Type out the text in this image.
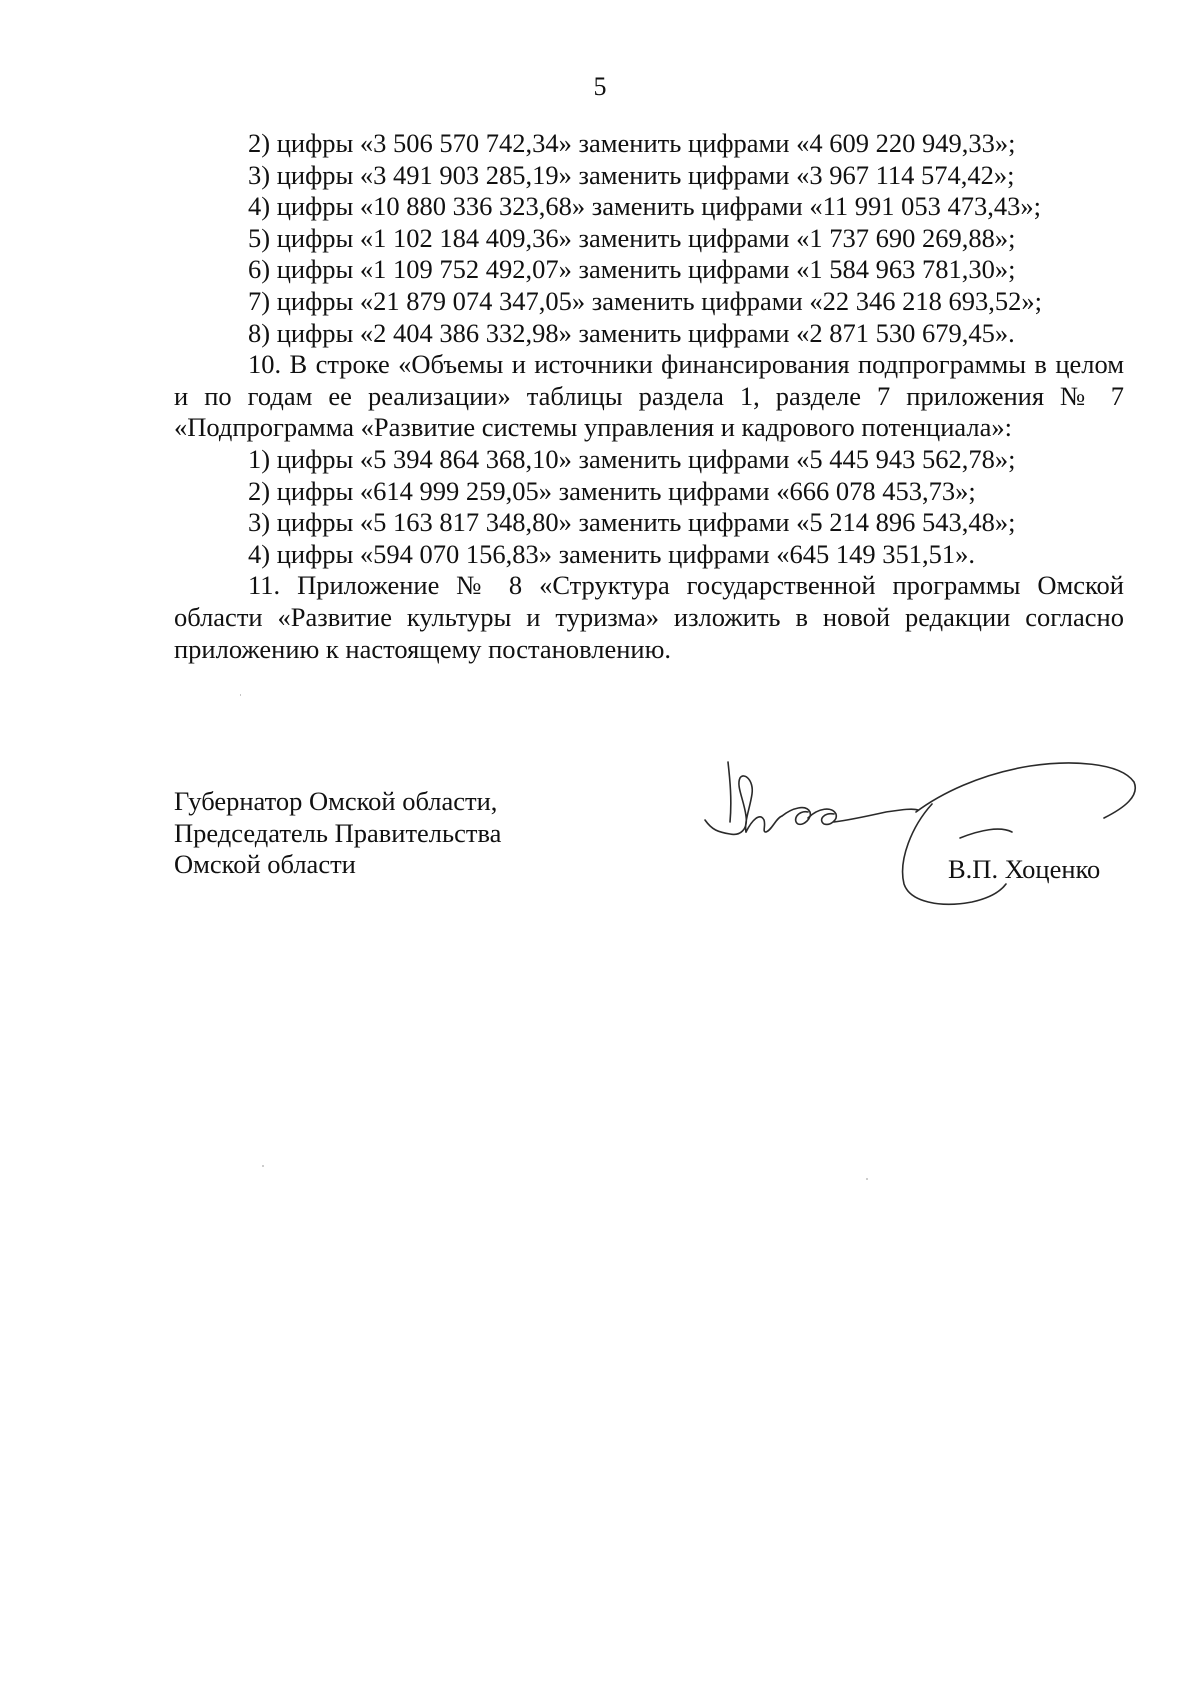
5
2) цифры «3 506 570 742,34» заменить цифрами «4 609 220 949,33»;
3) цифры «3 491 903 285,19» заменить цифрами «3 967 114 574,42»;
4) цифры «10 880 336 323,68» заменить цифрами «11 991 053 473,43»;
5) цифры «1 102 184 409,36» заменить цифрами «1 737 690 269,88»;
6) цифры «1 109 752 492,07» заменить цифрами «1 584 963 781,30»;
7) цифры «21 879 074 347,05» заменить цифрами «22 346 218 693,52»;
8) цифры «2 404 386 332,98» заменить цифрами «2 871 530 679,45».

10. В строке «Объемы и источники финансирования подпрограммы в целом и по годам ее реализации» таблицы раздела 1, разделе 7 приложения № 7 «Подпрограмма «Развитие системы управления и кадрового потенциала»:

1) цифры «5 394 864 368,10» заменить цифрами «5 445 943 562,78»;
2) цифры «614 999 259,05» заменить цифрами «666 078 453,73»;
3) цифры «5 163 817 348,80» заменить цифрами «5 214 896 543,48»;
4) цифры «594 070 156,83» заменить цифрами «645 149 351,51».

11. Приложение № 8 «Структура государственной программы Омской области «Развитие культуры и туризма» изложить в новой редакции согласно приложению к настоящему постановлению.

Губернатор Омской области,
Председатель Правительства
Омской области	В.П. Хоценко
